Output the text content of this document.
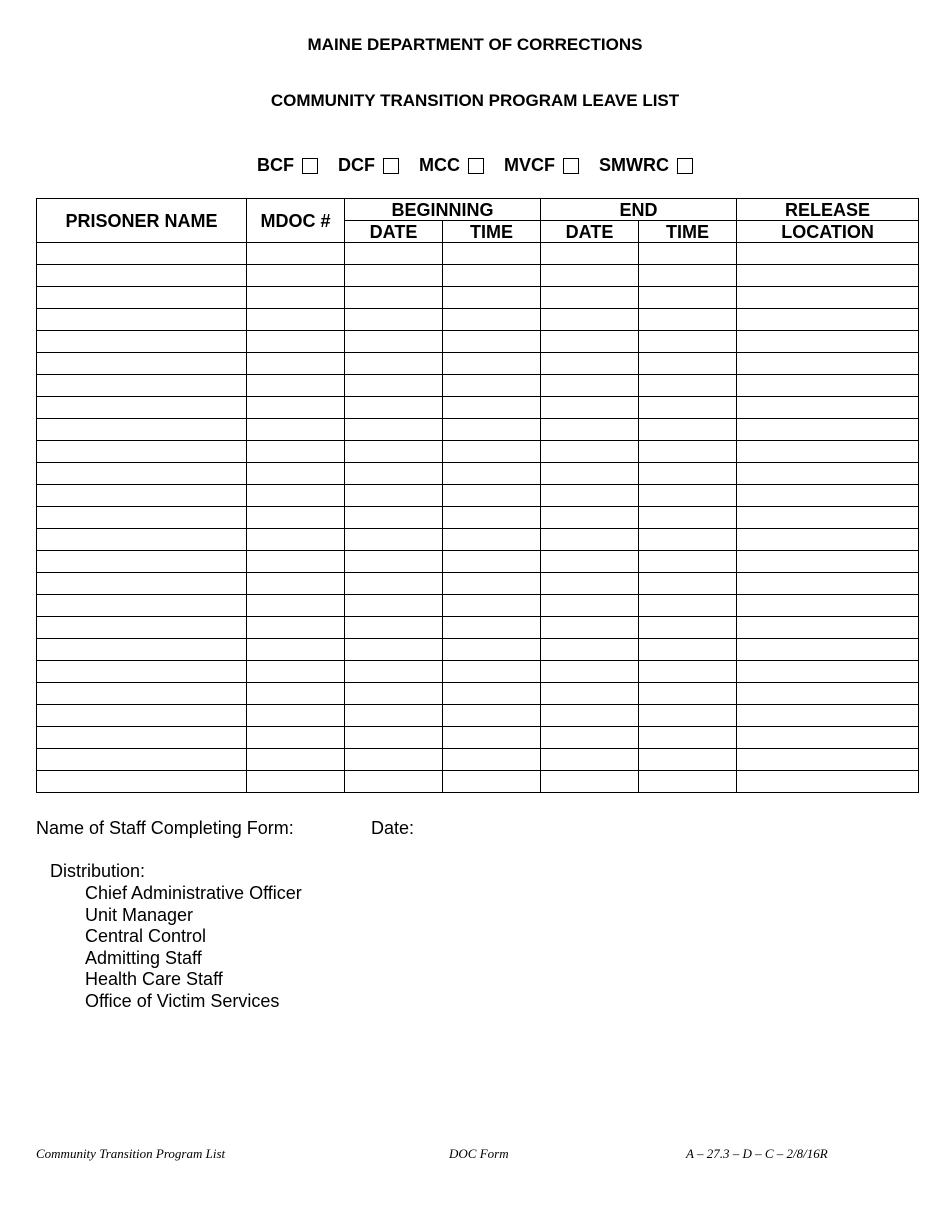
MAINE DEPARTMENT OF CORRECTIONS
COMMUNITY TRANSITION PROGRAM LEAVE LIST
BCF DCF MCC MVCF SMWRC
PRISONER NAME	MDOC #	BEGINNING		END		RELEASE
		DATE	TIME	DATE	TIME	LOCATION

Name of Staff Completing Form:	Date:
Distribution:
Chief Administrative Officer
Unit Manager
Central Control
Admitting Staff
Health Care Staff
Office of Victim Services
Community Transition Program List	DOC Form	A – 27.3 – D – C – 2/8/16R
